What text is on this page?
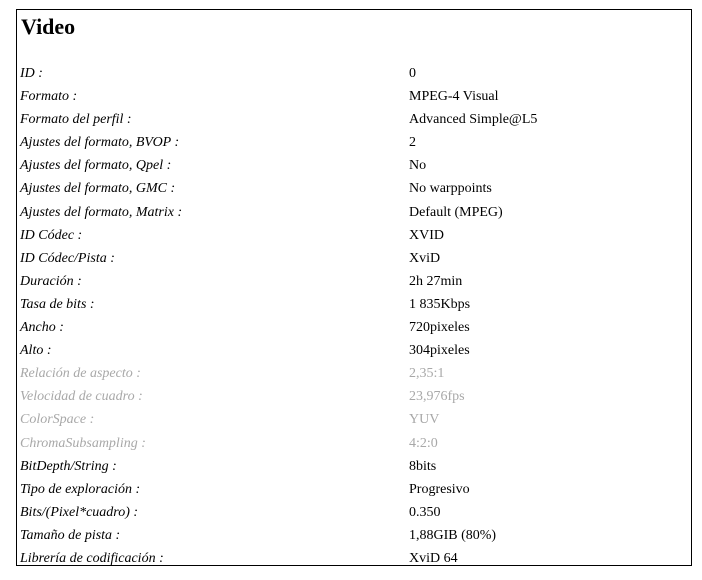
Video
ID :	0
Formato :	MPEG-4 Visual
Formato del perfil :	Advanced Simple@L5
Ajustes del formato, BVOP :	2
Ajustes del formato, Qpel :	No
Ajustes del formato, GMC :	No warppoints
Ajustes del formato, Matrix :	Default (MPEG)
ID Códec :	XVID
ID Códec/Pista :	XviD
Duración :	2h 27min
Tasa de bits :	1 835Kbps
Ancho :	720pixeles
Alto :	304pixeles
Relación de aspecto :	2,35:1
Velocidad de cuadro :	23,976fps
ColorSpace :	YUV
ChromaSubsampling :	4:2:0
BitDepth/String :	8bits
Tipo de exploración :	Progresivo
Bits/(Pixel*cuadro) :	0.350
Tamaño de pista :	1,88GIB (80%)
Librería de codificación :	XviD 64
